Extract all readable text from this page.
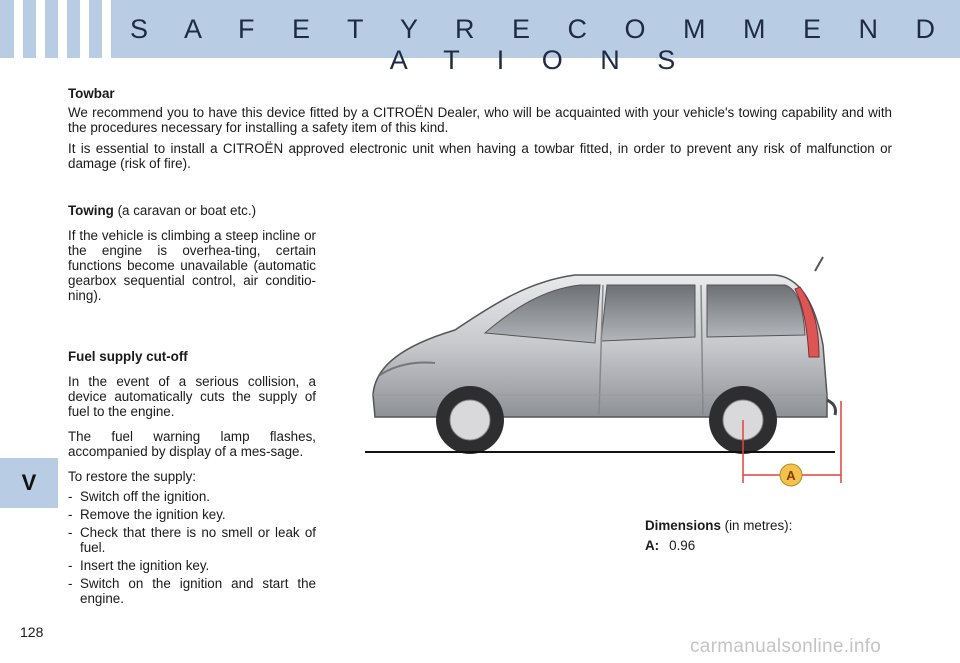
S A F E T Y R E C O M M E N D A T I O N S
V
Towbar

We recommend you to have this device fitted by a CITROËN Dealer, who will be acquainted with your vehicle's towing capability and with the procedures necessary for installing a safety item of this kind.

It is essential to install a CITROËN approved electronic unit when having a towbar fitted, in order to prevent any risk of malfunction or damage (risk of fire).

Towing (a caravan or boat etc.)

If the vehicle is climbing a steep incline or the engine is overhea-ting, certain functions become unavailable (automatic gearbox sequential control, air conditio-ning).

Fuel supply cut-off

In the event of a serious collision, a device automatically cuts the supply of fuel to the engine.

The fuel warning lamp flashes, accompanied by display of a mes-sage.

To restore the supply:

- Switch off the ignition.
- Remove the ignition key.
- Check that there is no smell or leak of fuel.
- Insert the ignition key.
- Switch on the ignition and start the engine.
A
Dimensions (in metres):
A: 0.96
128
carmanualsonline.info
